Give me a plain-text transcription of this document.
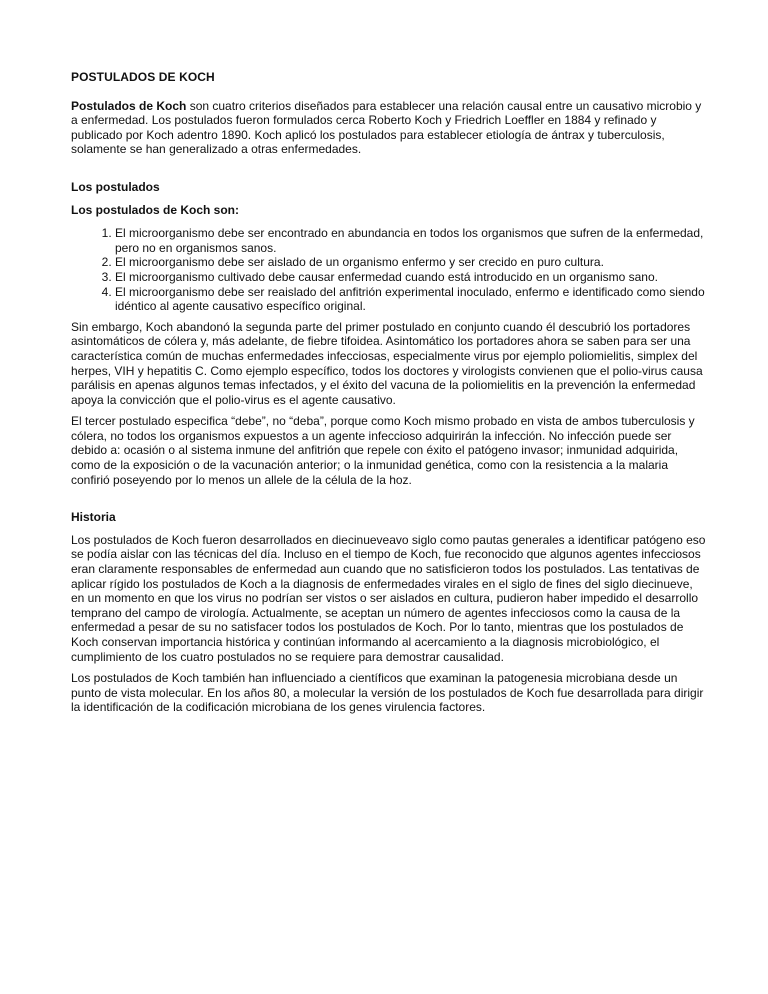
POSTULADOS DE KOCH

Postulados de Koch son cuatro criterios diseñados para establecer una relación causal entre un causativo microbio y a enfermedad. Los postulados fueron formulados cerca Roberto Koch y Friedrich Loeffler en 1884 y refinado y publicado por Koch adentro 1890. Koch aplicó los postulados para establecer etiología de ántrax y tuberculosis, solamente se han generalizado a otras enfermedades.

Los postulados
Los postulados de Koch son:
1. El microorganismo debe ser encontrado en abundancia en todos los organismos que sufren de la enfermedad, pero no en organismos sanos.
2. El microorganismo debe ser aislado de un organismo enfermo y ser crecido en puro cultura.
3. El microorganismo cultivado debe causar enfermedad cuando está introducido en un organismo sano.
4. El microorganismo debe ser reaislado del anfitrión experimental inoculado, enfermo e identificado como siendo idéntico al agente causativo específico original.

Sin embargo, Koch abandonó la segunda parte del primer postulado en conjunto cuando él descubrió los portadores asintomáticos de cólera y, más adelante, de fiebre tifoidea. Asintomático los portadores ahora se saben para ser una característica común de muchas enfermedades infecciosas, especialmente virus por ejemplo poliomielitis, simplex del herpes, VIH y hepatitis C. Como ejemplo específico, todos los doctores y virologists convienen que el polio-virus causa parálisis en apenas algunos temas infectados, y el éxito del vacuna de la poliomielitis en la prevención la enfermedad apoya la convicción que el polio-virus es el agente causativo.

El tercer postulado especifica “debe”, no “deba”, porque como Koch mismo probado en vista de ambos tuberculosis y cólera, no todos los organismos expuestos a un agente infeccioso adquirirán la infección. No infección puede ser debido a: ocasión o al sistema inmune del anfitrión que repele con éxito el patógeno invasor; inmunidad adquirida, como de la exposición o de la vacunación anterior; o la inmunidad genética, como con la resistencia a la malaria confirió poseyendo por lo menos un allele de la célula de la hoz.

Historia

Los postulados de Koch fueron desarrollados en diecinueveavo siglo como pautas generales a identificar patógeno eso se podía aislar con las técnicas del día. Incluso en el tiempo de Koch, fue reconocido que algunos agentes infecciosos eran claramente responsables de enfermedad aun cuando que no satisficieron todos los postulados. Las tentativas de aplicar rígido los postulados de Koch a la diagnosis de enfermedades virales en el siglo de fines del siglo diecinueve, en un momento en que los virus no podrían ser vistos o ser aislados en cultura, pudieron haber impedido el desarrollo temprano del campo de virología. Actualmente, se aceptan un número de agentes infecciosos como la causa de la enfermedad a pesar de su no satisfacer todos los postulados de Koch. Por lo tanto, mientras que los postulados de Koch conservan importancia histórica y continúan informando al acercamiento a la diagnosis microbiológico, el cumplimiento de los cuatro postulados no se requiere para demostrar causalidad.

Los postulados de Koch también han influenciado a científicos que examinan la patogenesia microbiana desde un punto de vista molecular. En los años 80, a molecular la versión de los postulados de Koch fue desarrollada para dirigir la identificación de la codificación microbiana de los genes virulencia factores.
